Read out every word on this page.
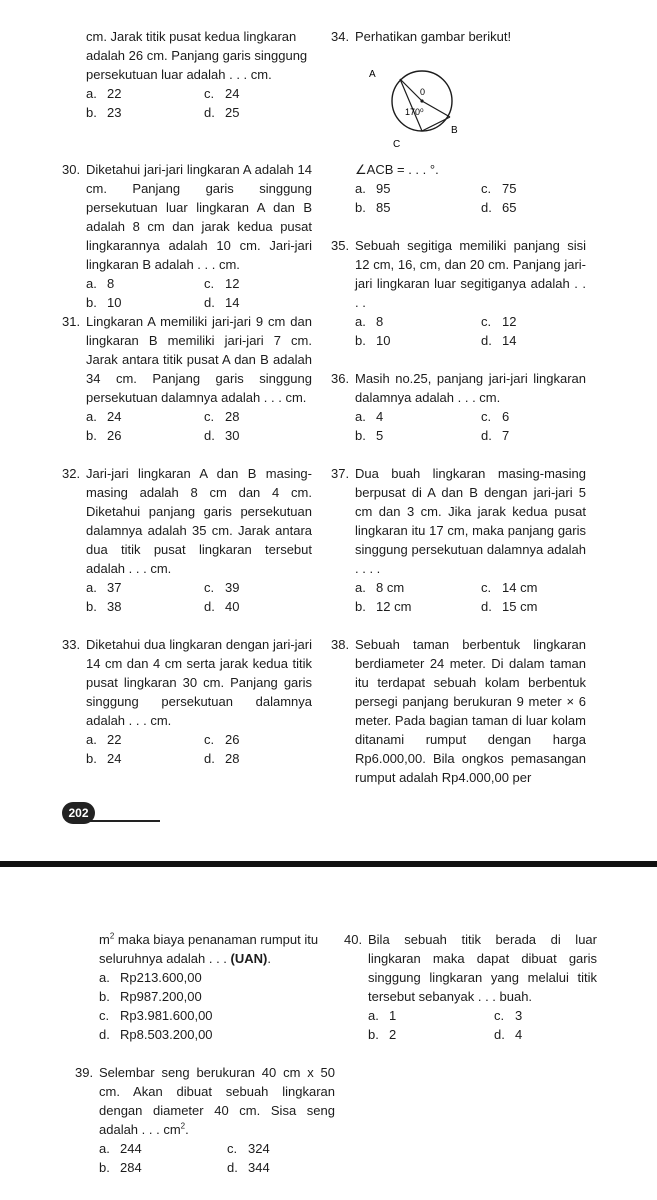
cm. Jarak titik pusat kedua lingkaran
adalah 26 cm. Panjang garis singgung
persekutuan luar adalah . . . cm.
a. 22	c. 24
b. 23	d. 25
30. Diketahui jari-jari lingkaran A adalah 14 cm. Panjang garis singgung persekutuan luar lingkaran A dan B adalah 8 cm dan jarak kedua pusat lingkarannya adalah 10 cm. Jari-jari lingkaran B adalah . . . cm.
a. 8	c. 12
b. 10	d. 14
31. Lingkaran A memiliki jari-jari 9 cm dan lingkaran B memiliki jari-jari 7 cm. Jarak antara titik pusat A dan B adalah 34 cm. Panjang garis singgung persekutuan dalamnya adalah . . . cm.
a. 24	c. 28
b. 26	d. 30
32. Jari-jari lingkaran A dan B masing-masing adalah 8 cm dan 4 cm. Diketahui panjang garis persekutuan dalamnya adalah 35 cm. Jarak antara dua titik pusat lingkaran tersebut adalah . . . cm.
a. 37	c. 39
b. 38	d. 40
33. Diketahui dua lingkaran dengan jari-jari 14 cm dan 4 cm serta jarak kedua titik pusat lingkaran 30 cm. Panjang garis singgung persekutuan dalamnya adalah . . . cm.
a. 22	c. 26
b. 24	d. 28
34. Perhatikan gambar berikut!
∠ACB = . . . °.
a. 95	c. 75
b. 85	d. 65
35. Sebuah segitiga memiliki panjang sisi 12 cm, 16, cm, dan 20 cm. Panjang jari-jari lingkaran luar segitiganya adalah . . . .
a. 8	c. 12
b. 10	d. 14
36. Masih no.25, panjang jari-jari lingkaran dalamnya adalah . . . cm.
a. 4	c. 6
b. 5	d. 7
37. Dua buah lingkaran masing-masing berpusat di A dan B dengan jari-jari 5 cm dan 3 cm. Jika jarak kedua pusat lingkaran itu 17 cm, maka panjang garis singgung persekutuan dalamnya adalah . . . .
a. 8 cm	c. 14 cm
b. 12 cm	d. 15 cm
38. Sebuah taman berbentuk lingkaran berdiameter 24 meter. Di dalam taman itu terdapat sebuah kolam berbentuk persegi panjang berukuran 9 meter × 6 meter. Pada bagian taman di luar kolam ditanami rumput dengan harga Rp6.000,00. Bila ongkos pemasangan rumput adalah Rp4.000,00 per
A
0
170⁰
B
C
202
$m^2$ maka biaya penanaman rumput itu
seluruhnya adalah . . . (UAN).
a. Rp213.600,00
b. Rp987.200,00
c. Rp3.981.600,00
d. Rp8.503.200,00
39. Selembar seng berukuran 40 cm x 50 cm. Akan dibuat sebuah lingkaran dengan diameter 40 cm. Sisa seng adalah . . . $cm^2$.
a. 244	c. 324
b. 284	d. 344
40. Bila sebuah titik berada di luar lingkaran maka dapat dibuat garis singgung lingkaran yang melalui titik tersebut sebanyak . . . buah.
a. 1	c. 3
b. 2	d. 4
